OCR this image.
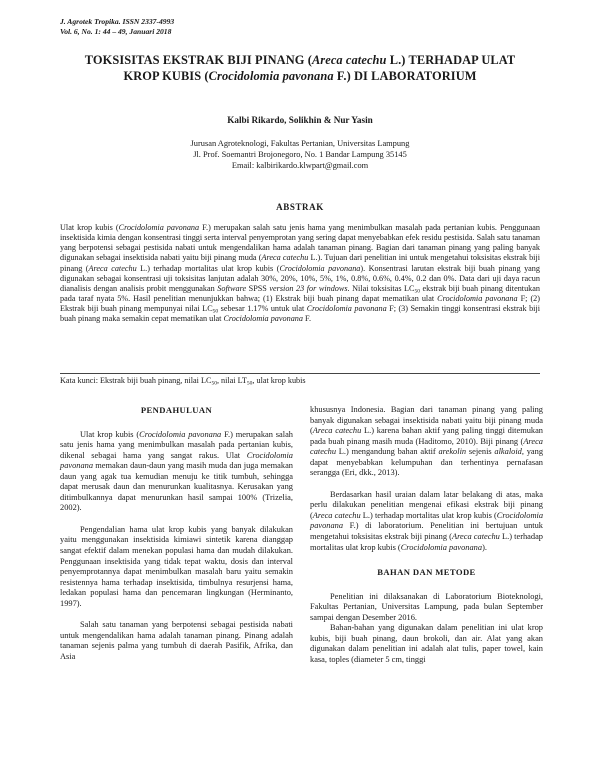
J. Agrotek Tropika. ISSN 2337-4993
Vol. 6, No. 1: 44 – 49, Januari 2018
TOKSISITAS EKSTRAK BIJI PINANG (Areca catechu L.) TERHADAP ULAT KROP KUBIS (Crocidolomia pavonana F.) DI LABORATORIUM
Kalbi Rikardo, Solikhin & Nur Yasin
Jurusan Agroteknologi, Fakultas Pertanian, Universitas Lampung
Jl. Prof. Soemantri Brojonegoro, No. 1 Bandar Lampung 35145
Email: kalbirikardo.klwpart@gmail.com
ABSTRAK
Ulat krop kubis (Crocidolomia pavonana F.) merupakan salah satu jenis hama yang menimbulkan masalah pada pertanian kubis. Penggunaan insektisida kimia dengan konsentrasi tinggi serta interval penyemprotan yang sering dapat menyebabkan efek residu pestisida. Salah satu tanaman yang berpotensi sebagai pestisida nabati untuk mengendalikan hama adalah tanaman pinang. Bagian dari tanaman pinang yang paling banyak digunakan sebagai insektisida nabati yaitu biji pinang muda (Areca catechu L.). Tujuan dari penelitian ini untuk mengetahui toksisitas ekstrak biji pinang (Areca catechu L.) terhadap mortalitas ulat krop kubis (Crocidolomia pavonana). Konsentrasi larutan ekstrak biji buah pinang yang digunakan sebagai konsentrasi uji toksisitas lanjutan adalah 30%, 20%, 10%, 5%, 1%, 0.8%, 0.6%, 0.4%, 0.2 dan 0%. Data dari uji daya racun dianalisis dengan analisis probit menggunakan Software SPSS version 23 for windows. Nilai toksisitas $LC_{50}$ ekstrak biji buah pinang ditentukan pada taraf nyata 5%. Hasil penelitian menunjukkan bahwa; (1) Ekstrak biji buah pinang dapat mematikan ulat Crocidolomia pavonana F; (2) Ekstrak biji buah pinang mempunyai nilai $LC_{50}$ sebesar 1.17% untuk ulat Crocidolomia pavonana F; (3) Semakin tinggi konsentrasi ekstrak biji buah pinang maka semakin cepat mematikan ulat Crocidolomia pavonana F.
Kata kunci: Ekstrak biji buah pinang, nilai $LC_{50}$, nilai $LT_{50}$, ulat krop kubis

PENDAHULUAN

Ulat krop kubis (Crocidolomia pavonana F.) merupakan salah satu jenis hama yang menimbulkan masalah pada pertanian kubis, dikenal sebagai hama yang sangat rakus. Ulat Crocidolomia pavonana memakan daun-daun yang masih muda dan juga memakan daun yang agak tua kemudian menuju ke titik tumbuh, sehingga dapat merusak daun dan menurunkan kualitasnya. Kerusakan yang ditimbulkannya dapat menurunkan hasil sampai 100% (Trizelia, 2002).

Pengendalian hama ulat krop kubis yang banyak dilakukan yaitu menggunakan insektisida kimiawi sintetik karena dianggap sangat efektif dalam menekan populasi hama dan mudah dilakukan. Penggunaan insektisida yang tidak tepat waktu, dosis dan interval penyemprotannya dapat menimbulkan masalah baru yaitu semakin resistennya hama terhadap insektisida, timbulnya resurjensi hama, ledakan populasi hama dan pencemaran lingkungan (Herminanto, 1997).

Salah satu tanaman yang berpotensi sebagai pestisida nabati untuk mengendalikan hama adalah tanaman pinang. Pinang adalah tanaman sejenis palma yang tumbuh di daerah Pasifik, Afrika, dan Asia

khususnya Indonesia. Bagian dari tanaman pinang yang paling banyak digunakan sebagai insektisida nabati yaitu biji pinang muda (Areca catechu L.) karena bahan aktif yang paling tinggi ditemukan pada buah pinang masih muda (Haditomo, 2010). Biji pinang (Areca catechu L.) mengandung bahan aktif arekolin sejenis alkaloid, yang dapat menyebabkan kelumpuhan dan terhentinya pernafasan serangga (Eri, dkk., 2013).

Berdasarkan hasil uraian dalam latar belakang di atas, maka perlu dilakukan penelitian mengenai efikasi ekstrak biji pinang (Areca catechu L.) terhadap mortalitas ulat krop kubis (Crocidolomia pavonana F.) di laboratorium. Penelitian ini bertujuan untuk mengetahui toksisitas ekstrak biji pinang (Areca catechu L.) terhadap mortalitas ulat krop kubis (Crocidolomia pavonana).

BAHAN DAN METODE

Penelitian ini dilaksanakan di Laboratorium Bioteknologi, Fakultas Pertanian, Universitas Lampung, pada bulan September sampai dengan Desember 2016.

Bahan-bahan yang digunakan dalam penelitian ini ulat krop kubis, biji buah pinang, daun brokoli, dan air. Alat yang akan digunakan dalam penelitian ini adalah alat tulis, paper towel, kain kasa, toples (diameter 5 cm, tinggi
